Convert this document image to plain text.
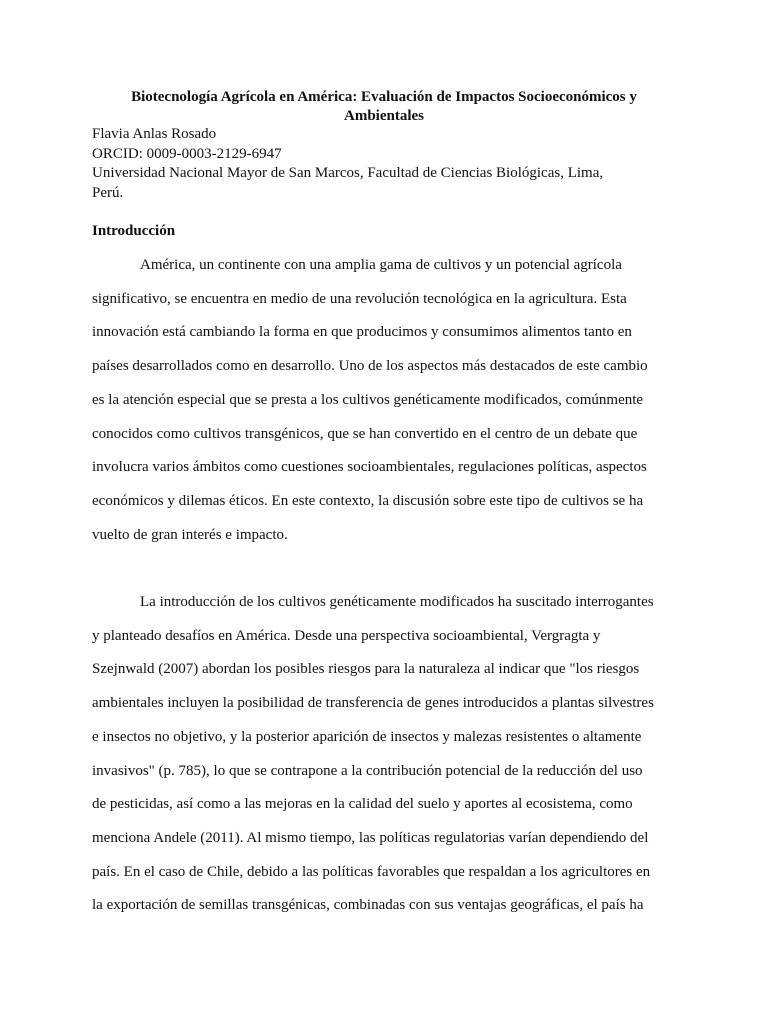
Biotecnología Agrícola en América: Evaluación de Impactos Socioeconómicos y
Ambientales
Flavia Anlas Rosado
ORCID: 0009-0003-2129-6947
Universidad Nacional Mayor de San Marcos, Facultad de Ciencias Biológicas, Lima,
Perú.
Introducción
América, un continente con una amplia gama de cultivos y un potencial agrícola
significativo, se encuentra en medio de una revolución tecnológica en la agricultura. Esta
innovación está cambiando la forma en que producimos y consumimos alimentos tanto en
países desarrollados como en desarrollo. Uno de los aspectos más destacados de este cambio
es la atención especial que se presta a los cultivos genéticamente modificados, comúnmente
conocidos como cultivos transgénicos, que se han convertido en el centro de un debate que
involucra varios ámbitos como cuestiones socioambientales, regulaciones políticas, aspectos
económicos y dilemas éticos. En este contexto, la discusión sobre este tipo de cultivos se ha
vuelto de gran interés e impacto.
La introducción de los cultivos genéticamente modificados ha suscitado interrogantes
y planteado desafíos en América. Desde una perspectiva socioambiental, Vergragta y
Szejnwald (2007) abordan los posibles riesgos para la naturaleza al indicar que "los riesgos
ambientales incluyen la posibilidad de transferencia de genes introducidos a plantas silvestres
e insectos no objetivo, y la posterior aparición de insectos y malezas resistentes o altamente
invasivos" (p. 785), lo que se contrapone a la contribución potencial de la reducción del uso
de pesticidas, así como a las mejoras en la calidad del suelo y aportes al ecosistema, como
menciona Andele (2011). Al mismo tiempo, las políticas regulatorias varían dependiendo del
país. En el caso de Chile, debido a las políticas favorables que respaldan a los agricultores en
la exportación de semillas transgénicas, combinadas con sus ventajas geográficas, el país ha
